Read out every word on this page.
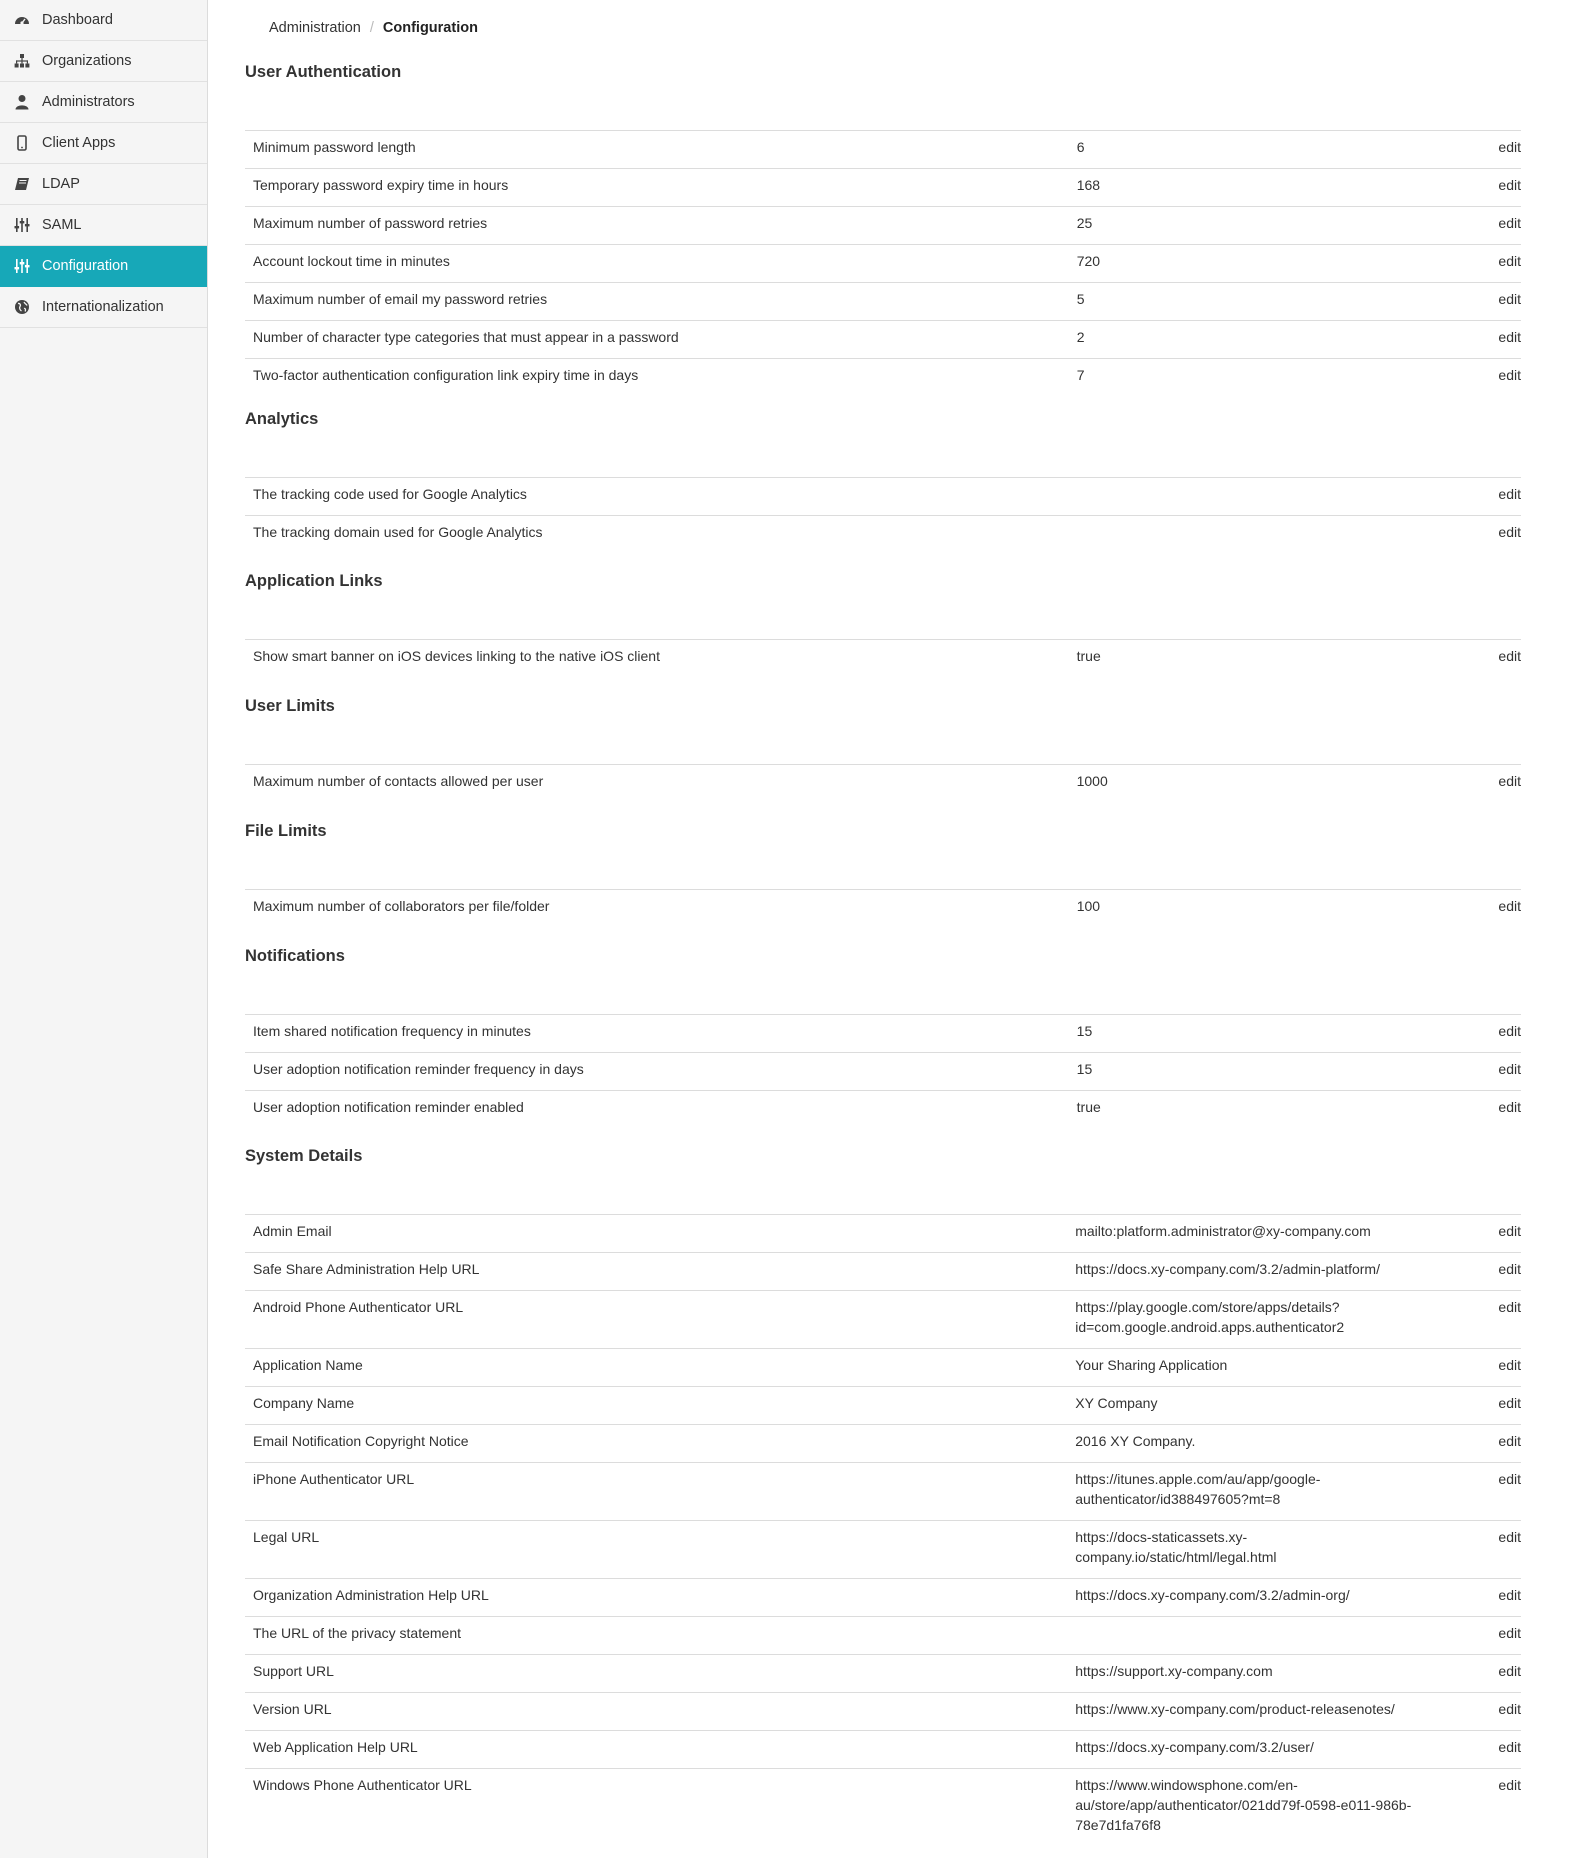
Dashboard
Organizations
Administrators
Client Apps
LDAP
SAML
Configuration
Internationalization
Administration / Configuration
User Authentication
Minimum password length	6	edit
Temporary password expiry time in hours	168	edit
Maximum number of password retries	25	edit
Account lockout time in minutes	720	edit
Maximum number of email my password retries	5	edit
Number of character type categories that must appear in a password	2	edit
Two-factor authentication configuration link expiry time in days	7	edit
Analytics
The tracking code used for Google Analytics		edit
The tracking domain used for Google Analytics		edit
Application Links
Show smart banner on iOS devices linking to the native iOS client	true	edit
User Limits
Maximum number of contacts allowed per user	1000	edit
File Limits
Maximum number of collaborators per file/folder	100	edit
Notifications
Item shared notification frequency in minutes	15	edit
User adoption notification reminder frequency in days	15	edit
User adoption notification reminder enabled	true	edit
System Details
Admin Email	mailto:platform.administrator@xy-company.com	edit
Safe Share Administration Help URL	https://docs.xy-company.com/3.2/admin-platform/	edit
Android Phone Authenticator URL	https://play.google.com/store/apps/details?
id=com.google.android.apps.authenticator2	edit
Application Name	Your Sharing Application	edit
Company Name	XY Company	edit
Email Notification Copyright Notice	2016 XY Company.	edit
iPhone Authenticator URL	https://itunes.apple.com/au/app/google-
authenticator/id388497605?mt=8	edit
Legal URL	https://docs-staticassets.xy-
company.io/static/html/legal.html	edit
Organization Administration Help URL	https://docs.xy-company.com/3.2/admin-org/	edit
The URL of the privacy statement		edit
Support URL	https://support.xy-company.com	edit
Version URL	https://www.xy-company.com/product-releasenotes/	edit
Web Application Help URL	https://docs.xy-company.com/3.2/user/	edit
Windows Phone Authenticator URL	https://www.windowsphone.com/en-
au/store/app/authenticator/021dd79f-0598-e011-986b-
78e7d1fa76f8	edit
